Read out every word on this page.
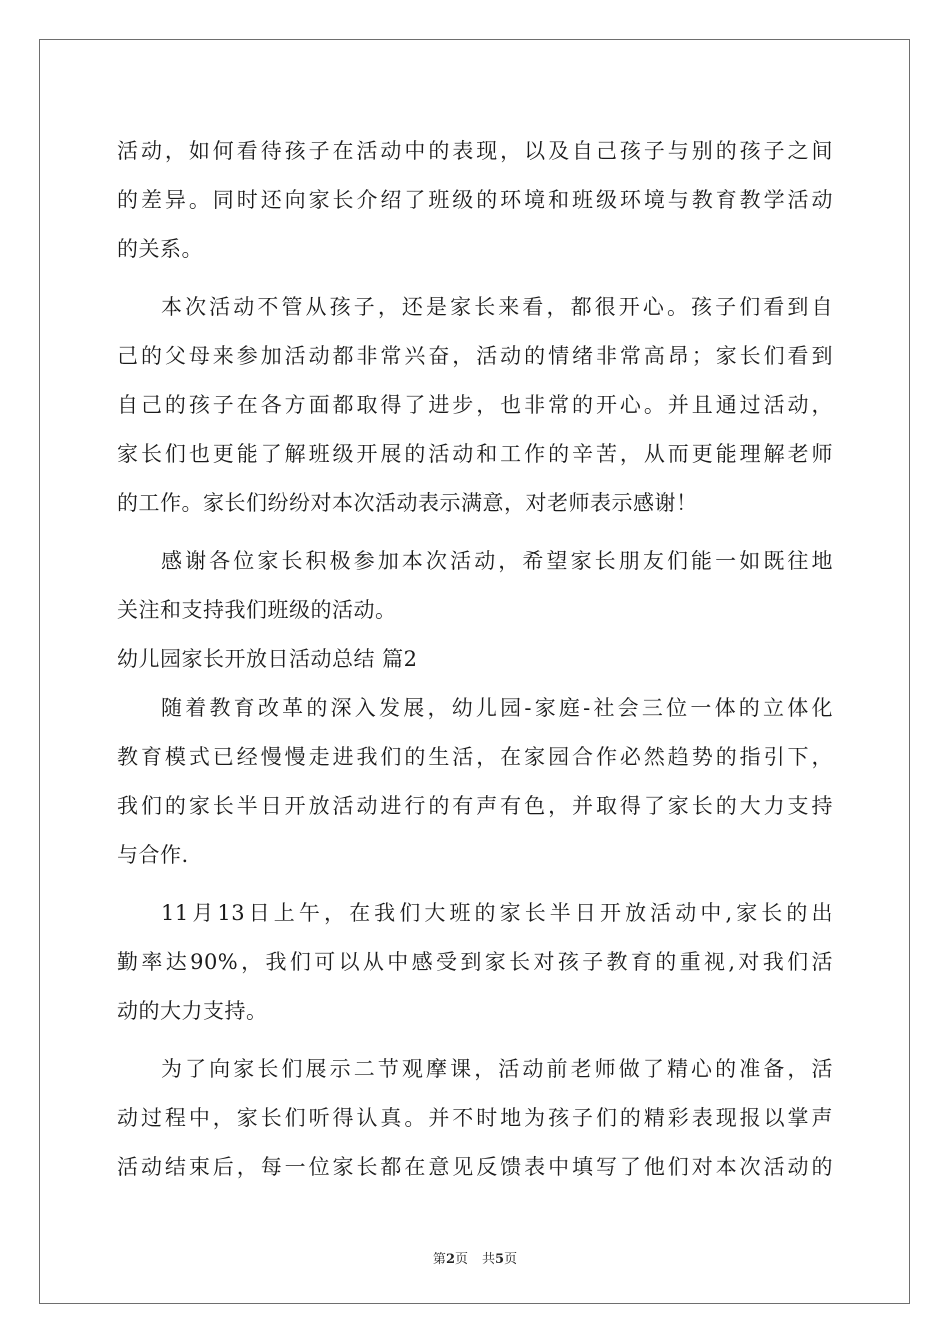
活动，如何看待孩子在活动中的表现，以及自己孩子与别的孩子之间
的差异。同时还向家长介绍了班级的环境和班级环境与教育教学活动
的关系。
本次活动不管从孩子，还是家长来看，都很开心。孩子们看到自
己的父母来参加活动都非常兴奋，活动的情绪非常高昂；家长们看到
自己的孩子在各方面都取得了进步，也非常的开心。并且通过活动，
家长们也更能了解班级开展的活动和工作的辛苦，从而更能理解老师
的工作。家长们纷纷对本次活动表示满意，对老师表示感谢！
感谢各位家长积极参加本次活动，希望家长朋友们能一如既往地
关注和支持我们班级的活动。
幼儿园家长开放日活动总结 篇2
随着教育改革的深入发展，幼儿园-家庭-社会三位一体的立体化
教育模式已经慢慢走进我们的生活，在家园合作必然趋势的指引下，
我们的家长半日开放活动进行的有声有色，并取得了家长的大力支持
与合作.
11月13日上午，在我们大班的家长半日开放活动中,家长的出
勤率达90%，我们可以从中感受到家长对孩子教育的重视,对我们活
动的大力支持。
为了向家长们展示二节观摩课，活动前老师做了精心的准备，活
动过程中，家长们听得认真。并不时地为孩子们的精彩表现报以掌声
活动结束后，每一位家长都在意见反馈表中填写了他们对本次活动的
第2页 共5页
